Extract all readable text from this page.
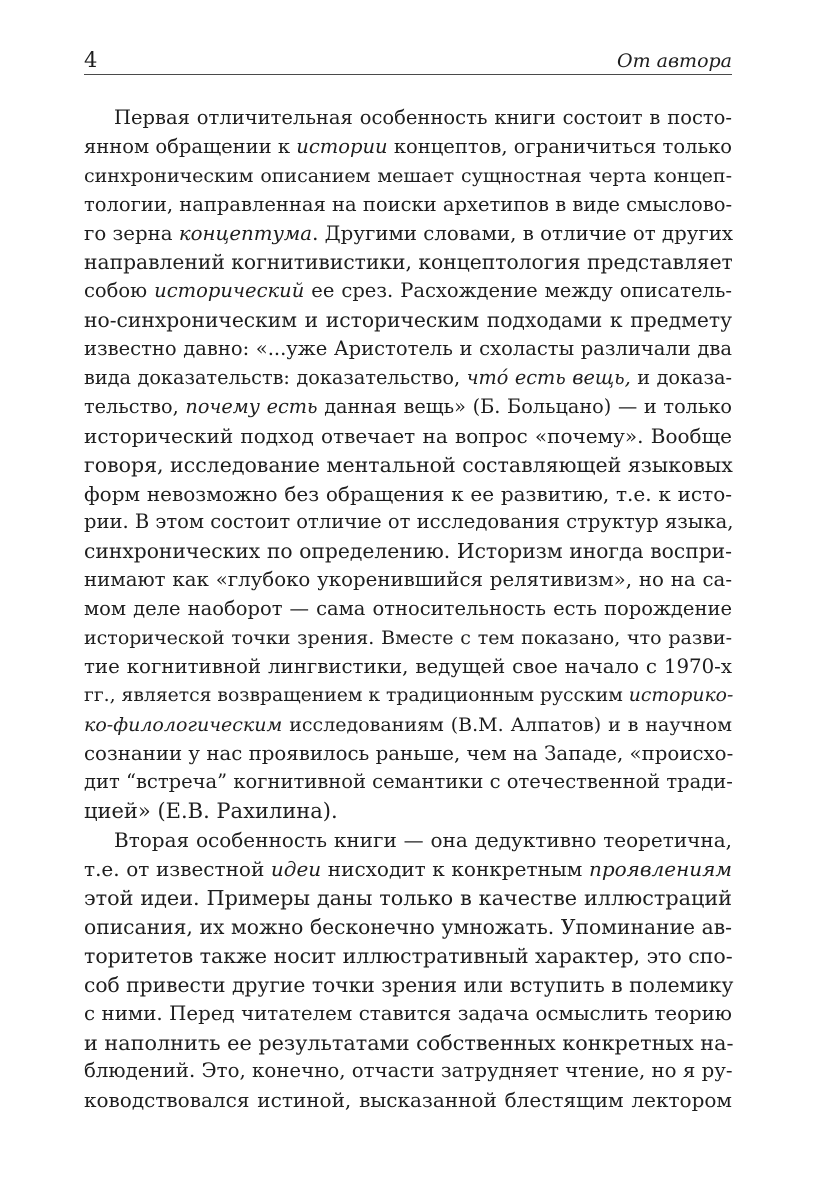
4	От автора
Первая отличительная особенность книги состоит в посто-
янном обращении к истории концептов, ограничиться только
синхроническим описанием мешает сущностная черта концеп-
тологии, направленная на поиски архетипов в виде смыслово-
го зерна концептума. Другими словами, в отличие от других
направлений когнитивистики, концептология представляет
собою исторический ее срез. Расхождение между описатель-
но-синхроническим и историческим подходами к предмету
известно давно: «...уже Аристотель и схоласты различали два
вида доказательств: доказательство, что́ есть вещь, и доказа-
тельство, почему есть данная вещь» (Б. Больцано) — и только
исторический подход отвечает на вопрос «почему». Вообще
говоря, исследование ментальной составляющей языковых
форм невозможно без обращения к ее развитию, т.е. к исто-
рии. В этом состоит отличие от исследования структур языка,
синхронических по определению. Историзм иногда воспри-
нимают как «глубоко укоренившийся релятивизм», но на са-
мом деле наоборот — сама относительность есть порождение
исторической точки зрения. Вместе с тем показано, что разви-
тие когнитивной лингвистики, ведущей свое начало с 1970-х
гг., является возвращением к традиционным русским историко-
ко-филологическим исследованиям (В.М. Алпатов) и в научном
сознании у нас проявилось раньше, чем на Западе, «происхо-
дит “встреча” когнитивной семантики с отечественной тради-
цией» (Е.В. Рахилина).
Вторая особенность книги — она дедуктивно теоретична,
т.е. от известной идеи нисходит к конкретным проявлениям
этой идеи. Примеры даны только в качестве иллюстраций
описания, их можно бесконечно умножать. Упоминание ав-
торитетов также носит иллюстративный характер, это спо-
соб привести другие точки зрения или вступить в полемику
с ними. Перед читателем ставится задача осмыслить теорию
и наполнить ее результатами собственных конкретных на-
блюдений. Это, конечно, отчасти затрудняет чтение, но я ру-
ководствовался истиной, высказанной блестящим лектором
